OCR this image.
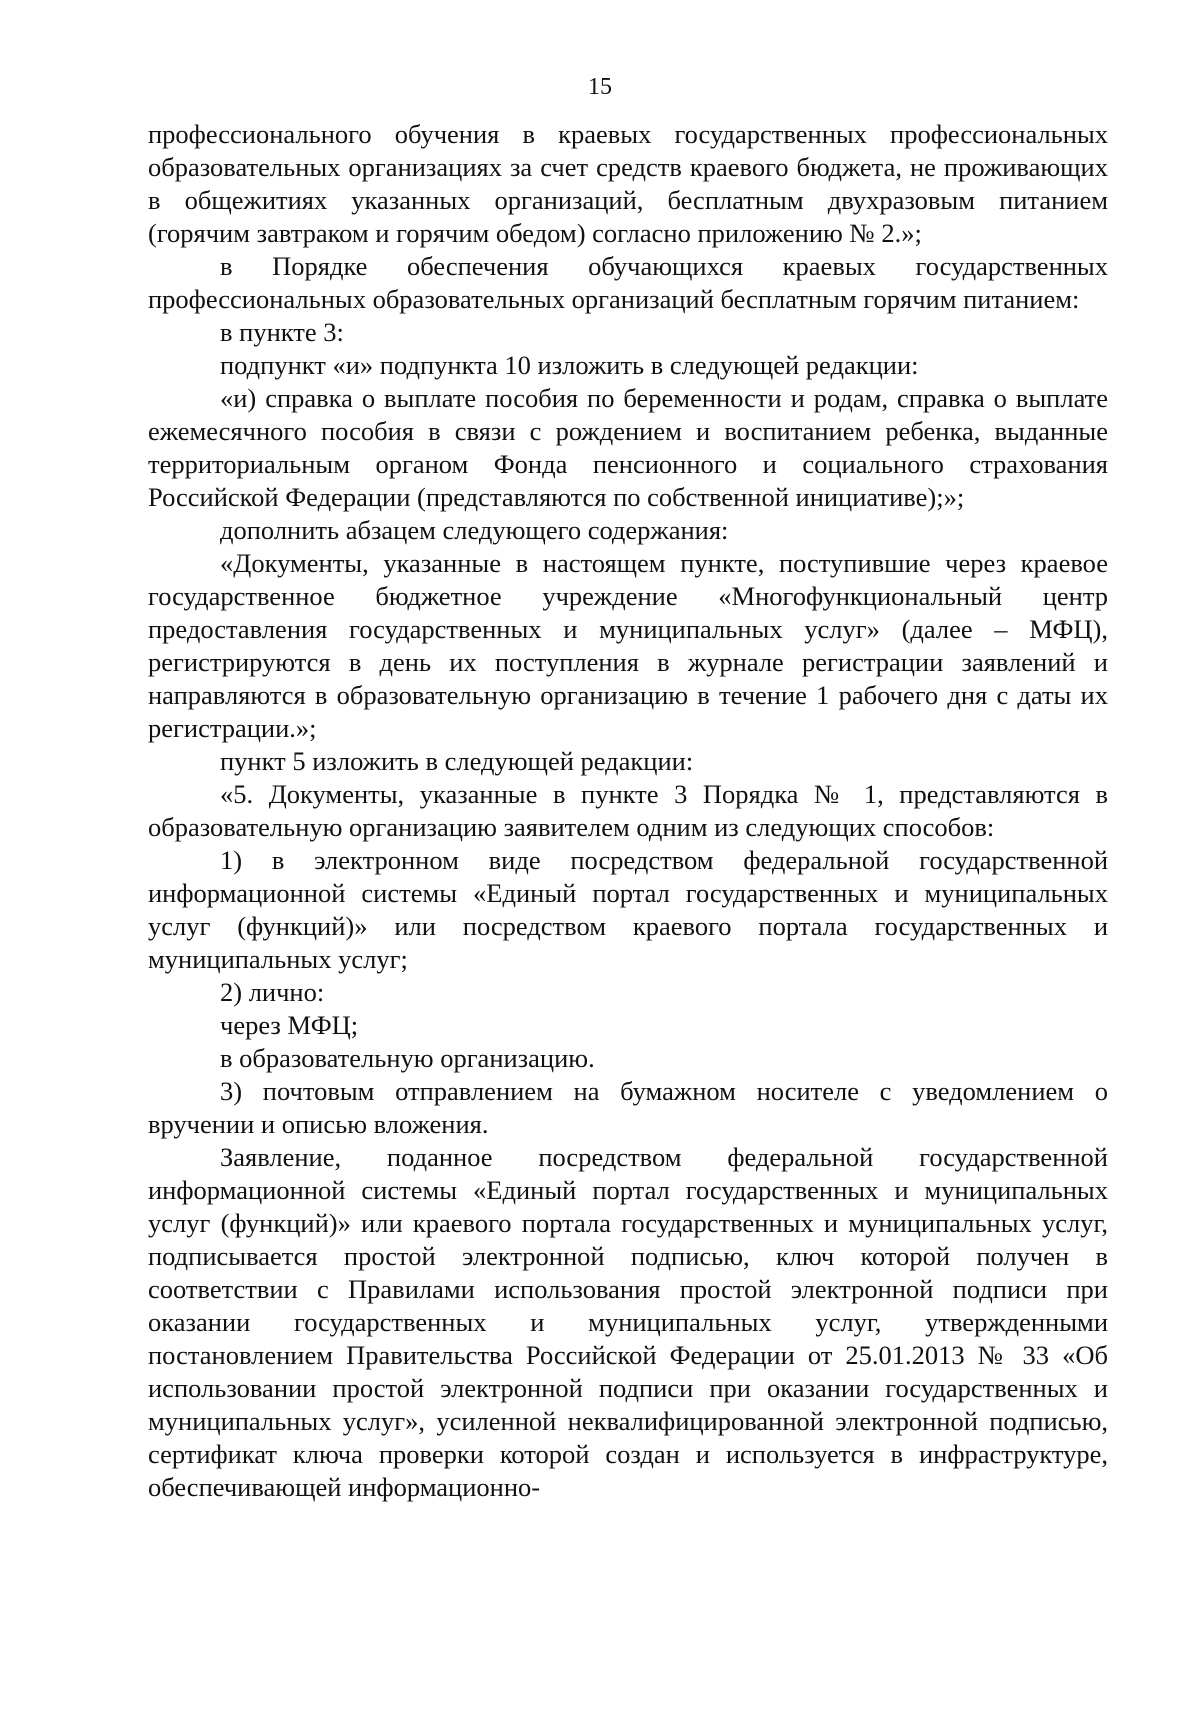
15

профессионального обучения в краевых государственных профессиональных образовательных организациях за счет средств краевого бюджета, не проживающих в общежитиях указанных организаций, бесплатным двухразовым питанием (горячим завтраком и горячим обедом) согласно приложению № 2.»;

в Порядке обеспечения обучающихся краевых государственных профессиональных образовательных организаций бесплатным горячим питанием:

в пункте 3:

подпункт «и» подпункта 10 изложить в следующей редакции:

«и) справка о выплате пособия по беременности и родам, справка о выплате ежемесячного пособия в связи с рождением и воспитанием ребенка, выданные территориальным органом Фонда пенсионного и социального страхования Российской Федерации (представляются по собственной инициативе);»;

дополнить абзацем следующего содержания:

«Документы, указанные в настоящем пункте, поступившие через краевое государственное бюджетное учреждение «Многофункциональный центр предоставления государственных и муниципальных услуг» (далее – МФЦ), регистрируются в день их поступления в журнале регистрации заявлений и направляются в образовательную организацию в течение 1 рабочего дня с даты их регистрации.»;

пункт 5 изложить в следующей редакции:

«5. Документы, указанные в пункте 3 Порядка № 1, представляются в образовательную организацию заявителем одним из следующих способов:

1) в электронном виде посредством федеральной государственной информационной системы «Единый портал государственных и муниципальных услуг (функций)» или посредством краевого портала государственных и муниципальных услуг;

2) лично:

через МФЦ;

в образовательную организацию.

3) почтовым отправлением на бумажном носителе с уведомлением о вручении и описью вложения.

Заявление, поданное посредством федеральной государственной информационной системы «Единый портал государственных и муниципальных услуг (функций)» или краевого портала государственных и муниципальных услуг, подписывается простой электронной подписью, ключ которой получен в соответствии с Правилами использования простой электронной подписи при оказании государственных и муниципальных услуг, утвержденными постановлением Правительства Российской Федерации от 25.01.2013 № 33 «Об использовании простой электронной подписи при оказании государственных и муниципальных услуг», усиленной неквалифицированной электронной подписью, сертификат ключа проверки которой создан и используется в инфраструктуре, обеспечивающей информационно-
